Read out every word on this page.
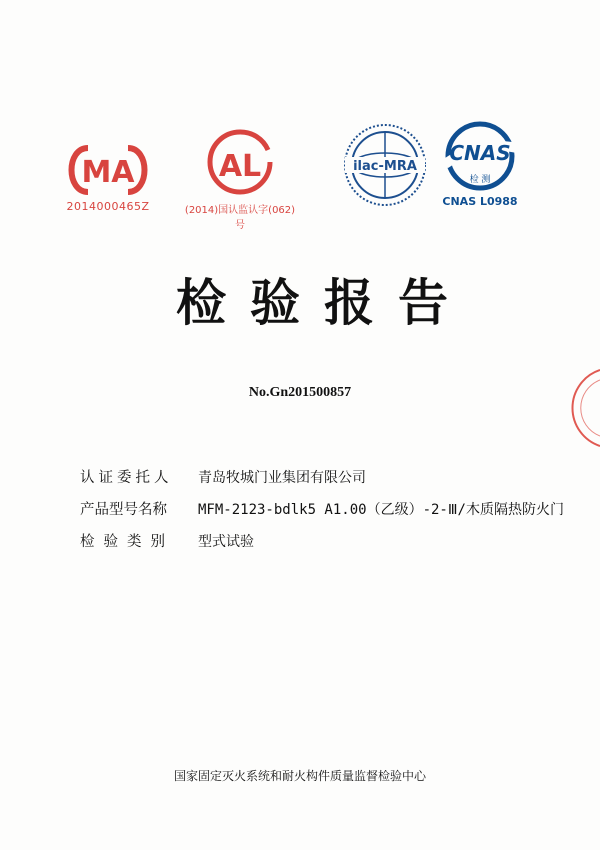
MA
2014000465Z
AL
(2014)国认监认字(062)号
ilac-MRA
CNAS
检 测
CNAS L0988
检验报告
No.Gn201500857
认证委托人	青岛牧城门业集团有限公司
产品型号名称	MFM-2123-bdlk5 A1.00（乙级）-2-Ⅲ/木质隔热防火门
检验类别	型式试验
国家固定灭火系统和耐火构件质量监督检验中心
